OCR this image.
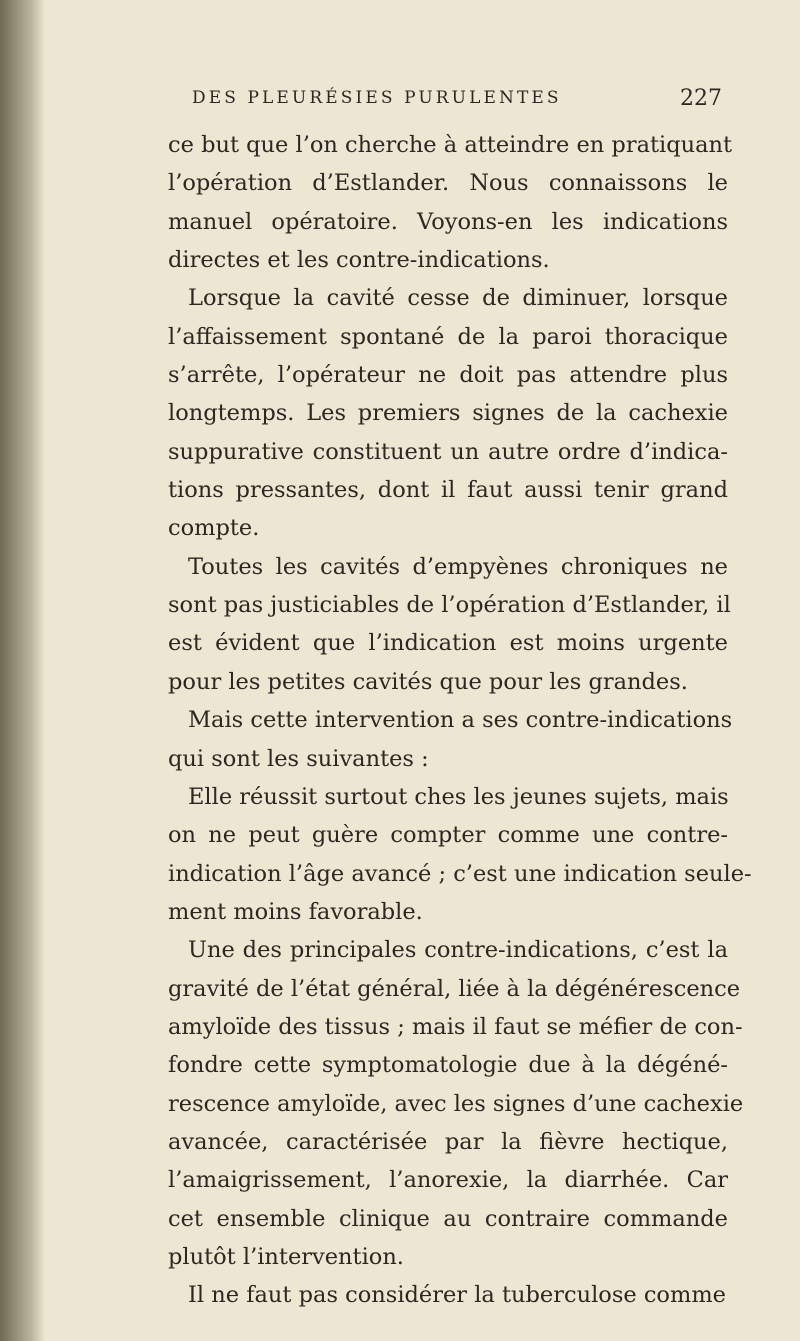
DES PLEURÉSIES PURULENTES	227
ce but que l’on cherche à atteindre en pratiquant
l’opération d’Estlander. Nous connaissons le
manuel opératoire. Voyons-en les indications
directes et les contre-indications.
Lorsque la cavité cesse de diminuer, lorsque
l’affaissement spontané de la paroi thoracique
s’arrête, l’opérateur ne doit pas attendre plus
longtemps. Les premiers signes de la cachexie
suppurative constituent un autre ordre d’indica-
tions pressantes, dont il faut aussi tenir grand
compte.
Toutes les cavités d’empyènes chroniques ne
sont pas justiciables de l’opération d’Estlander, il
est évident que l’indication est moins urgente
pour les petites cavités que pour les grandes.
Mais cette intervention a ses contre-indications
qui sont les suivantes :
Elle réussit surtout ches les jeunes sujets, mais
on ne peut guère compter comme une contre-
indication l’âge avancé ; c’est une indication seule-
ment moins favorable.
Une des principales contre-indications, c’est la
gravité de l’état général, liée à la dégénérescence
amyloïde des tissus ; mais il faut se méfier de con-
fondre cette symptomatologie due à la dégéné-
rescence amyloïde, avec les signes d’une cachexie
avancée, caractérisée par la fièvre hectique,
l’amaigrissement, l’anorexie, la diarrhée. Car
cet ensemble clinique au contraire commande
plutôt l’intervention.
Il ne faut pas considérer la tuberculose comme
